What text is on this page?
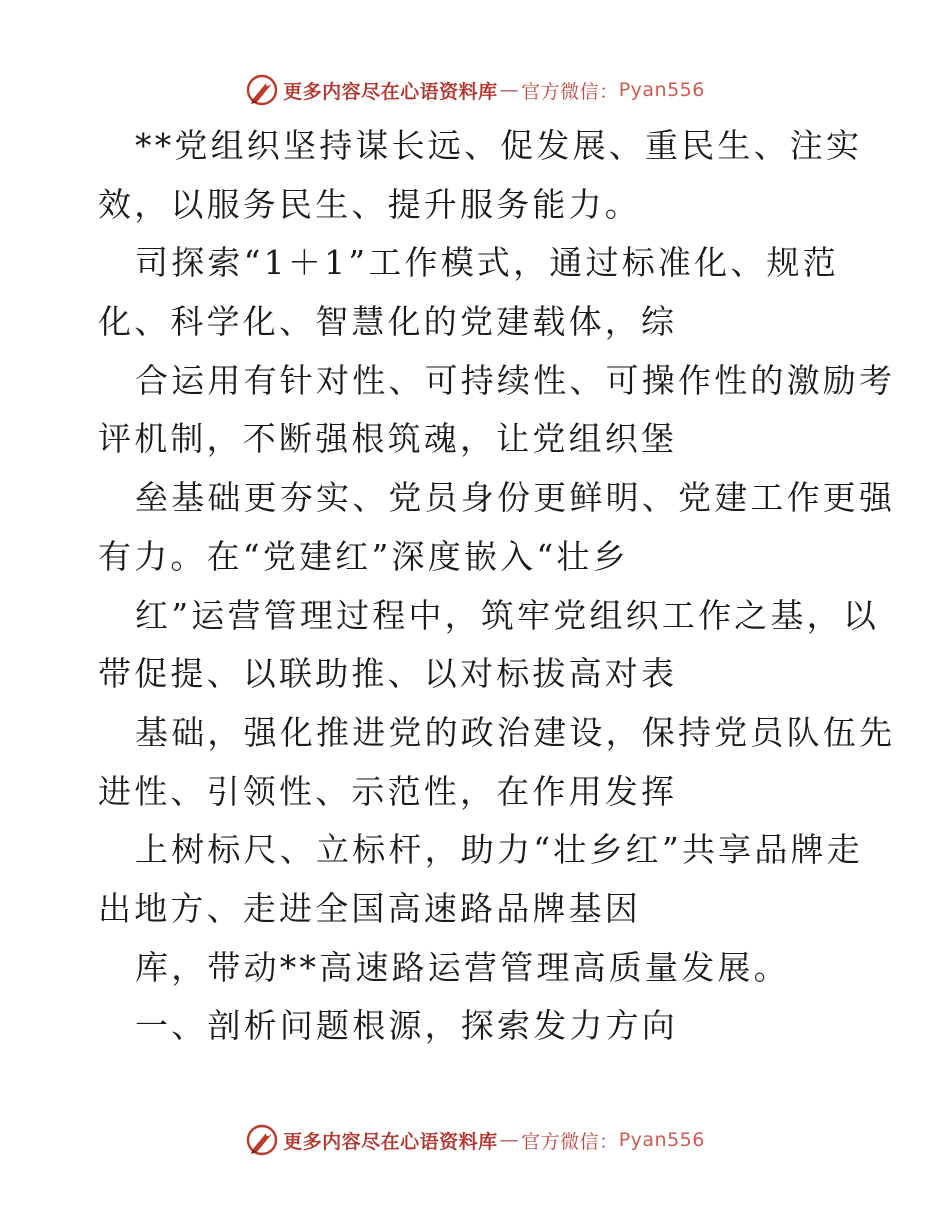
更多内容尽在心语资料库 — 官方微信： Pyan556
**党组织坚持谋长远、促发展、重民生、注实
效，以服务民生、提升服务能力。
司探索“1＋1”工作模式，通过标准化、规范
化、科学化、智慧化的党建载体，综
合运用有针对性、可持续性、可操作性的激励考
评机制，不断强根筑魂，让党组织堡
垒基础更夯实、党员身份更鲜明、党建工作更强
有力。在“党建红”深度嵌入“壮乡
红”运营管理过程中，筑牢党组织工作之基，以
带促提、以联助推、以对标拔高对表
基础，强化推进党的政治建设，保持党员队伍先
进性、引领性、示范性，在作用发挥
上树标尺、立标杆，助力“壮乡红”共享品牌走
出地方、走进全国高速路品牌基因
库，带动**高速路运营管理高质量发展。
一、剖析问题根源，探索发力方向
更多内容尽在心语资料库 — 官方微信： Pyan556
